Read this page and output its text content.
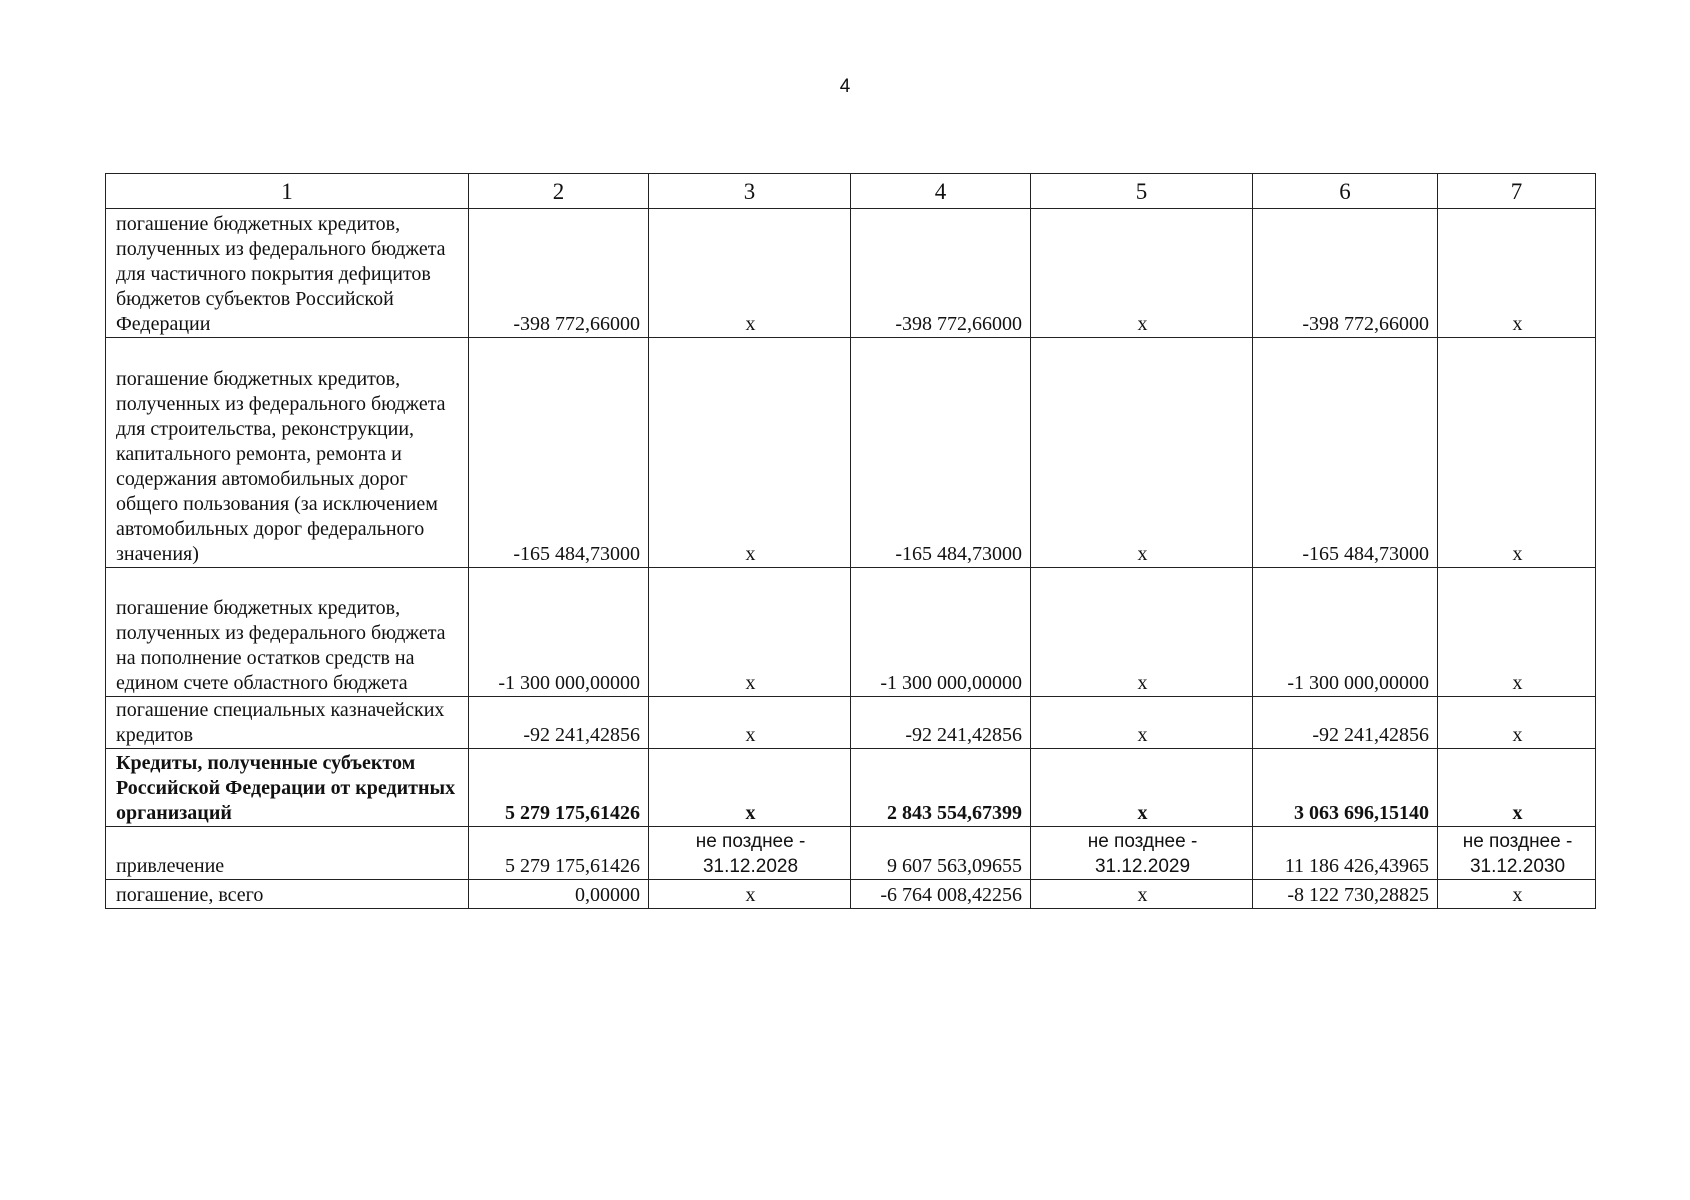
4
1	2	3	4	5	6	7
погашение бюджетных кредитов, полученных из федерального бюджета для частичного покрытия дефицитов бюджетов субъектов Российской Федерации	-398 772,66000	x	-398 772,66000	x	-398 772,66000	x
погашение бюджетных кредитов, полученных из федерального бюджета для строительства, реконструкции, капитального ремонта, ремонта и содержания автомобильных дорог общего пользования (за исключением автомобильных дорог федерального значения)	-165 484,73000	x	-165 484,73000	x	-165 484,73000	x
погашение бюджетных кредитов, полученных из федерального бюджета на пополнение остатков средств на едином счете областного бюджета	-1 300 000,00000	x	-1 300 000,00000	x	-1 300 000,00000	x
погашение специальных казначейских кредитов	-92 241,42856	x	-92 241,42856	x	-92 241,42856	x
Кредиты, полученные субъектом Российской Федерации от кредитных организаций	5 279 175,61426	x	2 843 554,67399	x	3 063 696,15140	x
привлечение	5 279 175,61426	не позднее - 31.12.2028	9 607 563,09655	не позднее - 31.12.2029	11 186 426,43965	не позднее - 31.12.2030
погашение, всего	0,00000	x	-6 764 008,42256	x	-8 122 730,28825	x
